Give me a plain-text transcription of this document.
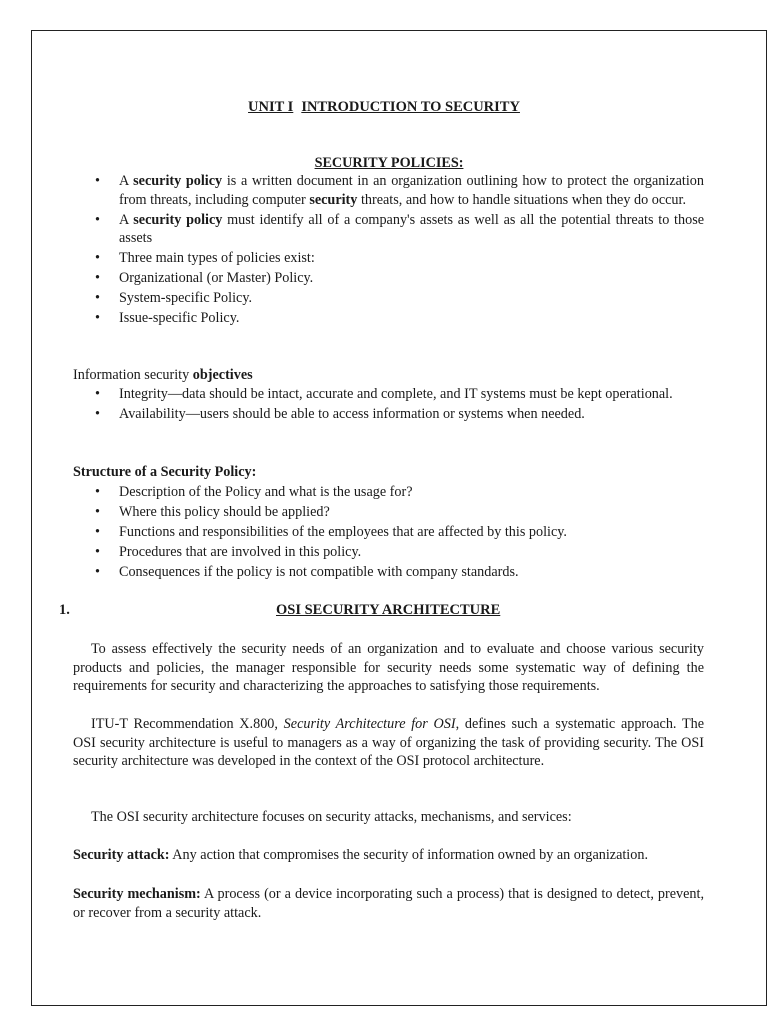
UNIT I INTRODUCTION TO SECURITY
SECURITY POLICIES:
• A security policy is a written document in an organization outlining how to protect the organization from threats, including computer security threats, and how to handle situations when they do occur.
• A security policy must identify all of a company's assets as well as all the potential threats to those assets
• Three main types of policies exist:
• Organizational (or Master) Policy.
• System-specific Policy.
• Issue-specific Policy.
Information security objectives
• Integrity—data should be intact, accurate and complete, and IT systems must be kept operational.
• Availability—users should be able to access information or systems when needed.
Structure of a Security Policy:
• Description of the Policy and what is the usage for?
• Where this policy should be applied?
• Functions and responsibilities of the employees that are affected by this policy.
• Procedures that are involved in this policy.
• Consequences if the policy is not compatible with company standards.
1.	OSI SECURITY ARCHITECTURE
To assess effectively the security needs of an organization and to evaluate and choose various security products and policies, the manager responsible for security needs some systematic way of defining the requirements for security and characterizing the approaches to satisfying those requirements.
ITU-T Recommendation X.800, Security Architecture for OSI, defines such a systematic approach. The OSI security architecture is useful to managers as a way of organizing the task of providing security. The OSI security architecture was developed in the context of the OSI protocol architecture.
The OSI security architecture focuses on security attacks, mechanisms, and services:
Security attack: Any action that compromises the security of information owned by an organization.
Security mechanism: A process (or a device incorporating such a process) that is designed to detect, prevent, or recover from a security attack.
